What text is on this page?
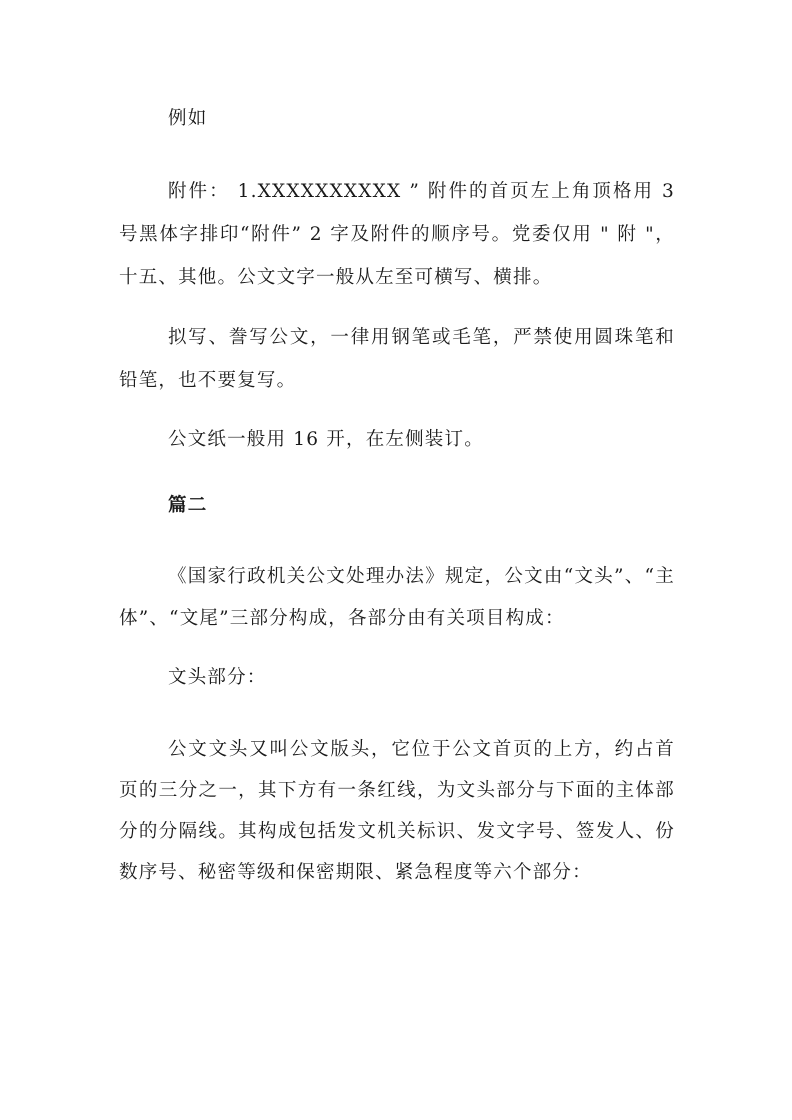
例如

附件： 1.XXXXXXXXXX ” 附件的首页左上角顶格用 3 号黑体字排印“附件” 2 字及附件的顺序号。党委仅用 " 附 "，十五、其他。公文文字一般从左至可横写、横排。

拟写、誊写公文，一律用钢笔或毛笔，严禁使用圆珠笔和铅笔，也不要复写。

公文纸一般用 16 开，在左侧装订。

篇二

《国家行政机关公文处理办法》规定，公文由“文头”、“主体”、“文尾”三部分构成，各部分由有关项目构成：

文头部分：

公文文头又叫公文版头，它位于公文首页的上方，约占首页的三分之一，其下方有一条红线，为文头部分与下面的主体部分的分隔线。其构成包括发文机关标识、发文字号、签发人、份数序号、秘密等级和保密期限、紧急程度等六个部分：
